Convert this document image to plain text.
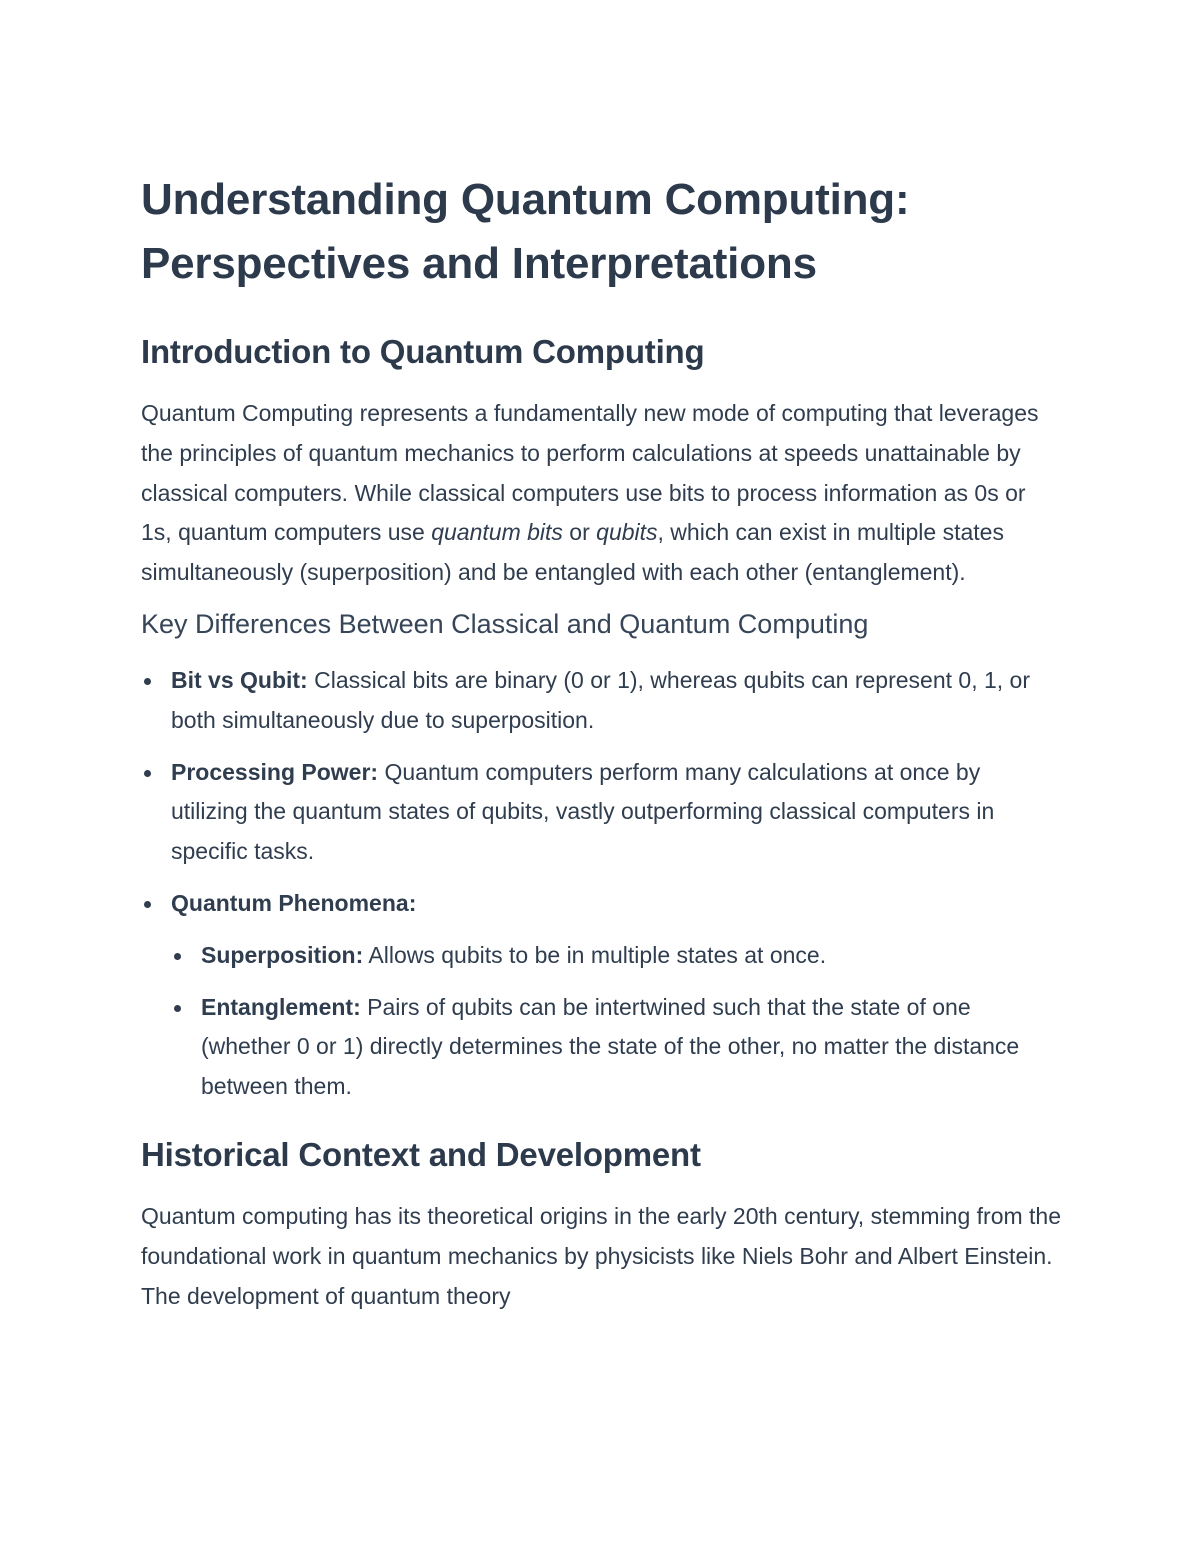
Understanding Quantum Computing: Perspectives and Interpretations
Introduction to Quantum Computing

Quantum Computing represents a fundamentally new mode of computing that leverages the principles of quantum mechanics to perform calculations at speeds unattainable by classical computers. While classical computers use bits to process information as 0s or 1s, quantum computers use quantum bits or qubits, which can exist in multiple states simultaneously (superposition) and be entangled with each other (entanglement).

Key Differences Between Classical and Quantum Computing
Bit vs Qubit: Classical bits are binary (0 or 1), whereas qubits can represent 0, 1, or both simultaneously due to superposition.
Processing Power: Quantum computers perform many calculations at once by utilizing the quantum states of qubits, vastly outperforming classical computers in specific tasks.
Quantum Phenomena:
Superposition: Allows qubits to be in multiple states at once.
Entanglement: Pairs of qubits can be intertwined such that the state of one (whether 0 or 1) directly determines the state of the other, no matter the distance between them.
Historical Context and Development

Quantum computing has its theoretical origins in the early 20th century, stemming from the foundational work in quantum mechanics by physicists like Niels Bohr and Albert Einstein. The development of quantum theory
